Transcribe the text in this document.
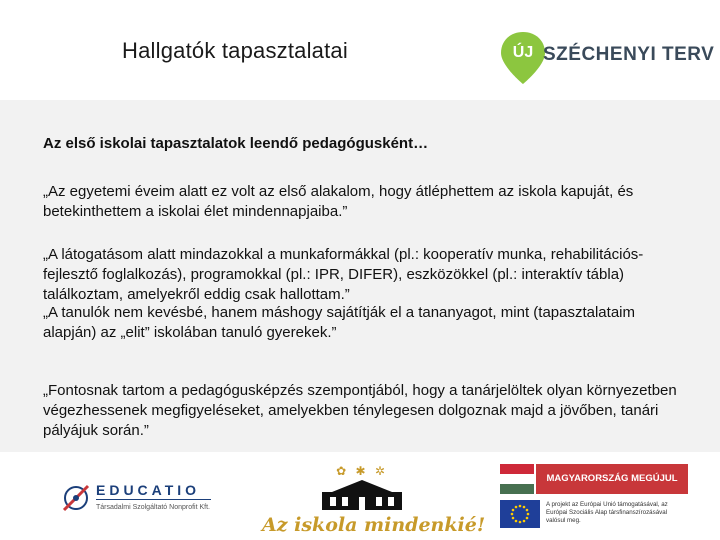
Hallgatók tapasztalatai	ÚJ SZÉCHENYI TERV
Az első iskolai tapasztalatok leendő pedagógusként…

„Az egyetemi éveim alatt ez volt az első alakalom, hogy átléphettem az iskola kapuját, és betekinthettem a iskolai élet mindennapjaiba.”

„A látogatásom alatt mindazokkal a munkaformákkal (pl.: kooperatív munka, rehabilitációs-fejlesztő foglalkozás), programokkal (pl.: IPR, DIFER), eszközökkel (pl.: interaktív tábla) találkoztam, amelyekről eddig csak hallottam.”

„A tanulók nem kevésbé, hanem máshogy sajátítják el a tananyagot, mint (tapasztalataim alapján) az „elit” iskolában tanuló gyerekek.”

„Fontosnak tartom a pedagógusképzés szempontjából, hogy a tanárjelöltek olyan környezetben végezhessenek megfigyeléseket, amelyekben ténylegesen dolgoznak majd a jövőben, tanári pályájuk során.”

EDUCATIO
Társadalmi Szolgáltató Nonprofit Kft.
✿ ✱ ✲
Az iskola mindenkié!
MAGYARORSZÁG MEGÚJUL
A projekt az Európai Unió támogatásával, az Európai Szociális Alap társfinanszírozásával valósul meg.
